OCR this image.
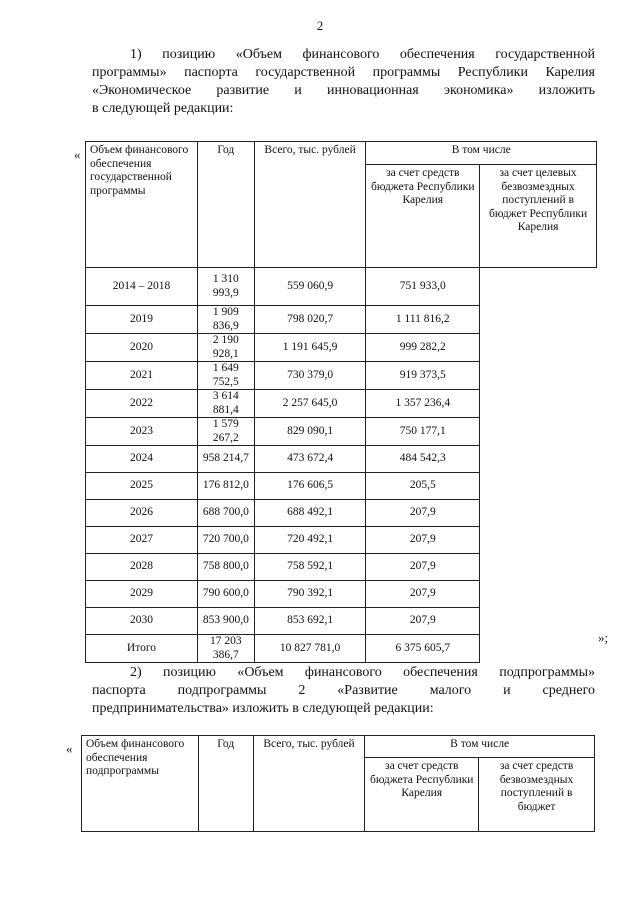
2
1) позицию «Объем финансового обеспечения государственной
программы» паспорта государственной программы Республики Карелия
«Экономическое развитие и инновационная экономика» изложить
в следующей редакции:
«
»;
Объем финансового обеспечения государственной программы	Год	Всего, тыс. рублей	В том числе	
			за счет средств бюджета Республики Карелия	за счет целевых безвозмездных поступлений в бюджет Республики Карелия
2014 – 2018	1 310 993,9	559 060,9	751 933,0	
2019	1 909 836,9	798 020,7	1 111 816,2	
2020	2 190 928,1	1 191 645,9	999 282,2	
2021	1 649 752,5	730 379,0	919 373,5	
2022	3 614 881,4	2 257 645,0	1 357 236,4	
2023	1 579 267,2	829 090,1	750 177,1	
2024	958 214,7	473 672,4	484 542,3	
2025	176 812,0	176 606,5	205,5	
2026	688 700,0	688 492,1	207,9	
2027	720 700,0	720 492,1	207,9	
2028	758 800,0	758 592,1	207,9	
2029	790 600,0	790 392,1	207,9	
2030	853 900,0	853 692,1	207,9	
Итого	17 203 386,7	10 827 781,0	6 375 605,7	
2) позицию «Объем финансового обеспечения подпрограммы»
паспорта подпрограммы 2 «Развитие малого и среднего
предпринимательства» изложить в следующей редакции:
« Объем финансового обеспечения подпрограммы	Год	Всего, тыс. рублей	В том числе	
			за счет средств бюджета Республики Карелия	за счет средств безвозмездных поступлений в бюджет
